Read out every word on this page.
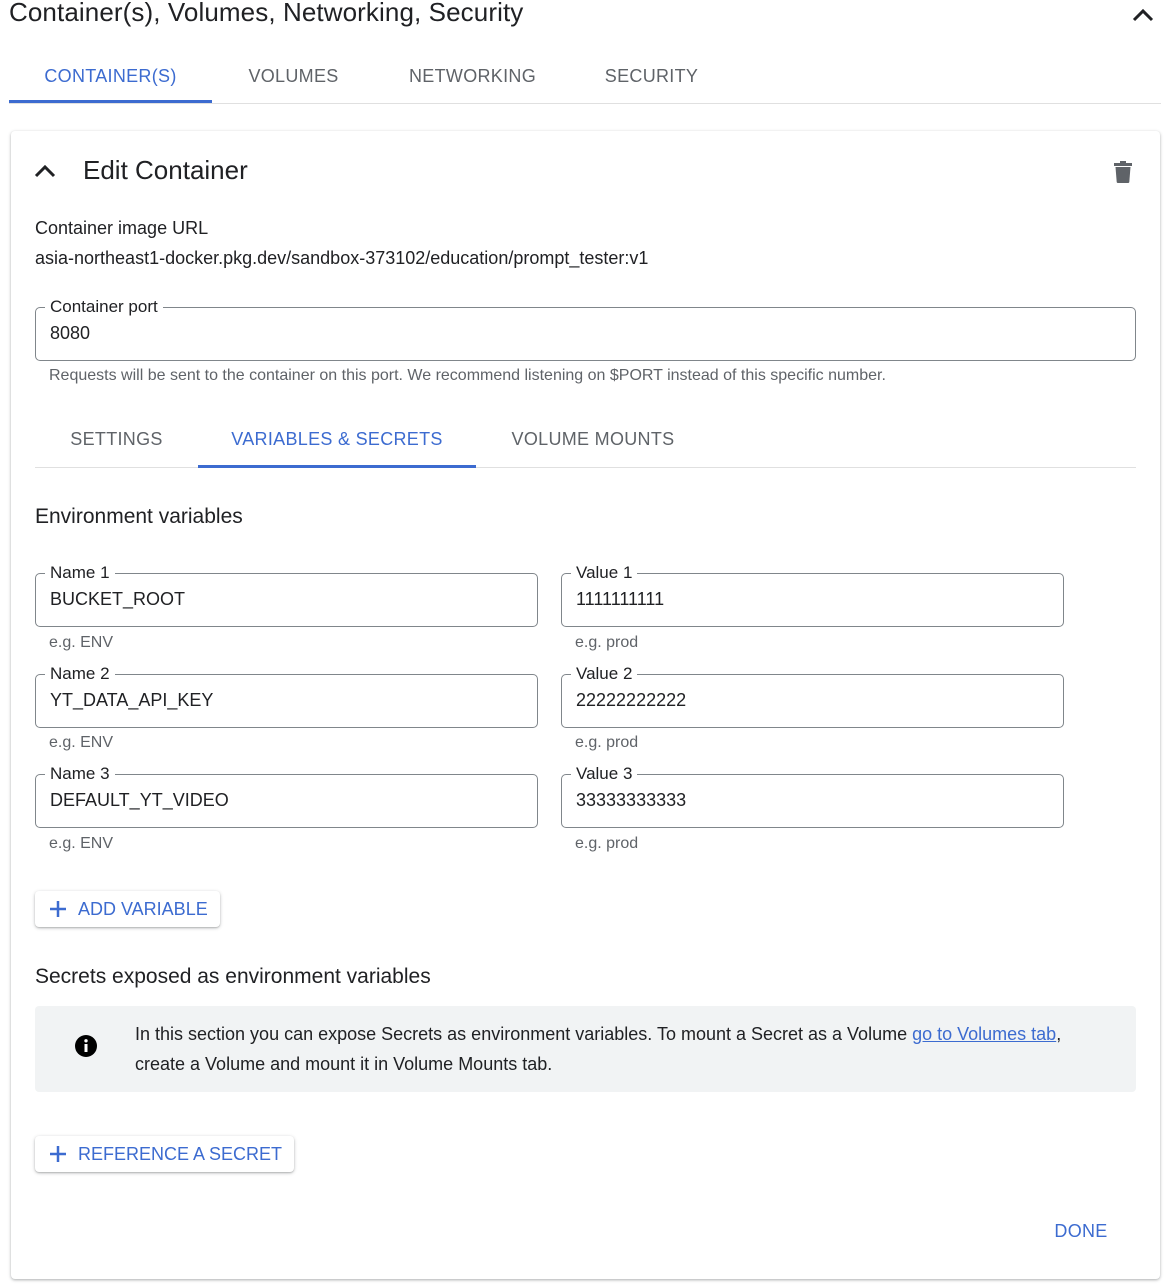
Container(s), Volumes, Networking, Security
CONTAINER(S)	VOLUMES	NETWORKING	SECURITY
Edit Container
Container image URL
asia-northeast1-docker.pkg.dev/sandbox-373102/education/prompt_tester:v1
Container port
8080
Requests will be sent to the container on this port. We recommend listening on $PORT instead of this specific number.
SETTINGS	VARIABLES & SECRETS	VOLUME MOUNTS
Environment variables
Name 1
BUCKET_ROOT
e.g. ENV
Value 1
1111111111
e.g. prod
Name 2
YT_DATA_API_KEY
e.g. ENV
Value 2
22222222222
e.g. prod
Name 3
DEFAULT_YT_VIDEO
e.g. ENV
Value 3
33333333333
e.g. prod
ADD VARIABLE
Secrets exposed as environment variables
In this section you can expose Secrets as environment variables. To mount a Secret as a Volume go to Volumes tab, create a Volume and mount it in Volume Mounts tab.
REFERENCE A SECRET
DONE
